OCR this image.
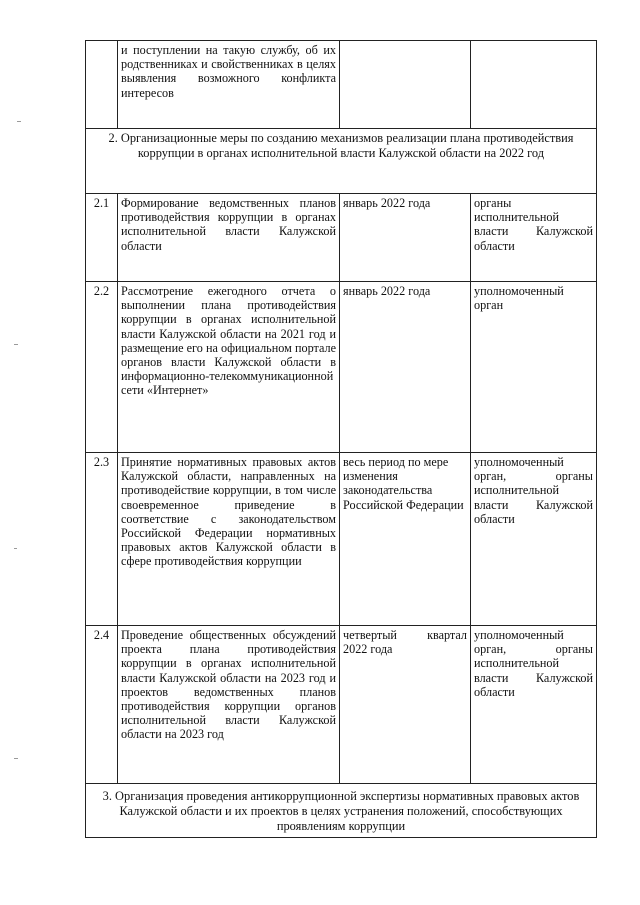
	и поступлении на такую службу, об их родственниках и свойственниках в целях выявления возможного конфликта интересов		
2. Организационные меры по созданию механизмов реализации плана противодействия коррупции в органах исполнительной власти Калужской области на 2022 год			
2.1	Формирование ведомственных планов противодействия коррупции в органах исполнительной власти Калужской области	январь 2022 года	органы исполнительной власти Калужской области
2.2	Рассмотрение ежегодного отчета о выполнении плана противодействия коррупции в органах исполнительной власти Калужской области на 2021 год и размещение его на официальном портале органов власти Калужской области в информационно-телекоммуникационной сети «Интернет»	январь 2022 года	уполномоченный орган
2.3	Принятие нормативных правовых актов Калужской области, направленных на противодействие коррупции, в том числе своевременное приведение в соответствие с законодательством Российской Федерации нормативных правовых актов Калужской области в сфере противодействия коррупции	весь период по мере изменения законодательства Российской Федерации	уполномоченный орган, органы исполнительной власти Калужской области
2.4	Проведение общественных обсуждений проекта плана противодействия коррупции в органах исполнительной власти Калужской области на 2023 год и проектов ведомственных планов противодействия коррупции органов исполнительной власти Калужской области на 2023 год	четвертый квартал 2022 года	уполномоченный орган, органы исполнительной власти Калужской области
3. Организация проведения антикоррупционной экспертизы нормативных правовых актов Калужской области и их проектов в целях устранения положений, способствующих проявлениям коррупции			
